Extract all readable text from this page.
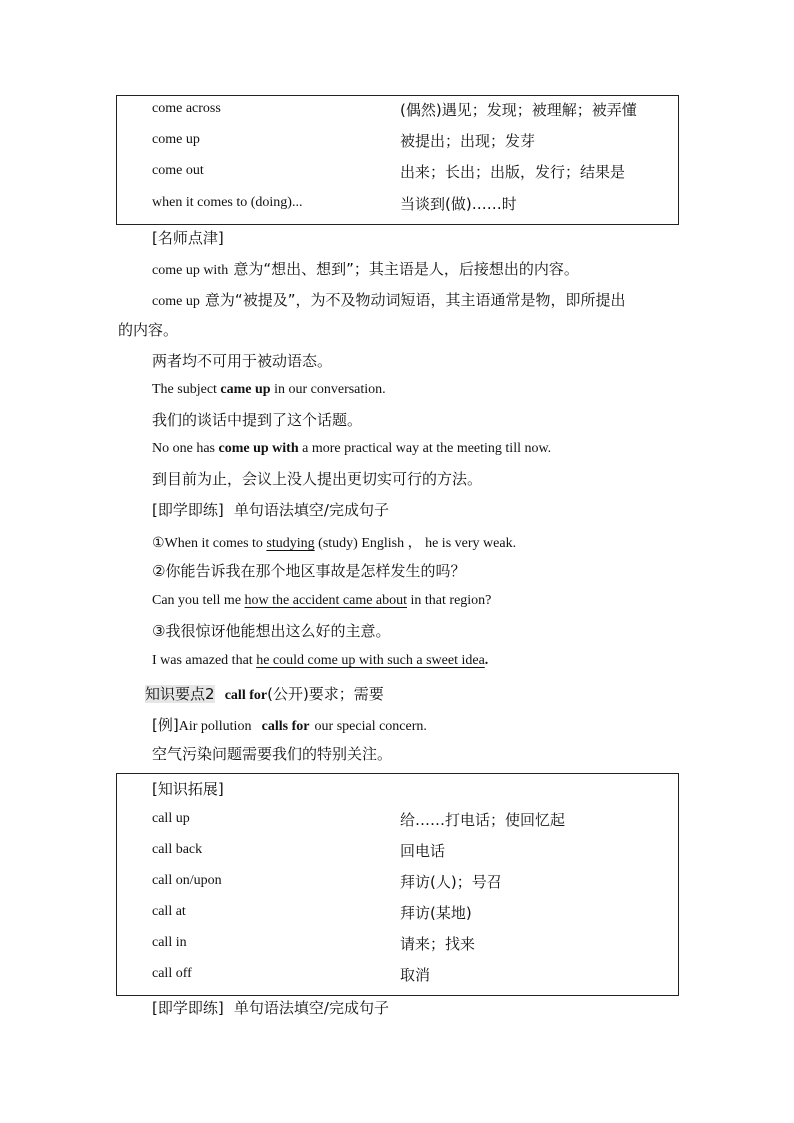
come across	(偶然)遇见；发现；被理解；被弄懂
come up	被提出；出现；发芽
come out	出来；长出；出版，发行；结果是
when it comes to (doing)...	当谈到(做)……时
[名师点津]
come up with 意为“想出、想到”；其主语是人，后接想出的内容。
come up 意为“被提及”，为不及物动词短语，其主语通常是物，即所提出
的内容。
两者均不可用于被动语态。
The subject came up in our conversation.
我们的谈话中提到了这个话题。
No one has come up with a more practical way at the meeting till now.
到目前为止，会议上没人提出更切实可行的方法。
[即学即练] 单句语法填空/完成句子
①When it comes to studying (study) English ， he is very weak.
②你能告诉我在那个地区事故是怎样发生的吗？
Can you tell me how the accident came about in that region?
③我很惊讶他能想出这么好的主意。
I was amazed that he could come up with such a sweet idea.
知识要点2 call for(公开)要求；需要
[例]Air pollution calls for our special concern.
空气污染问题需要我们的特别关注。
[知识拓展]
call up	给……打电话；使回忆起
call back	回电话
call on/upon	拜访(人)；号召
call at	拜访(某地)
call in	请来；找来
call off	取消
[即学即练] 单句语法填空/完成句子
